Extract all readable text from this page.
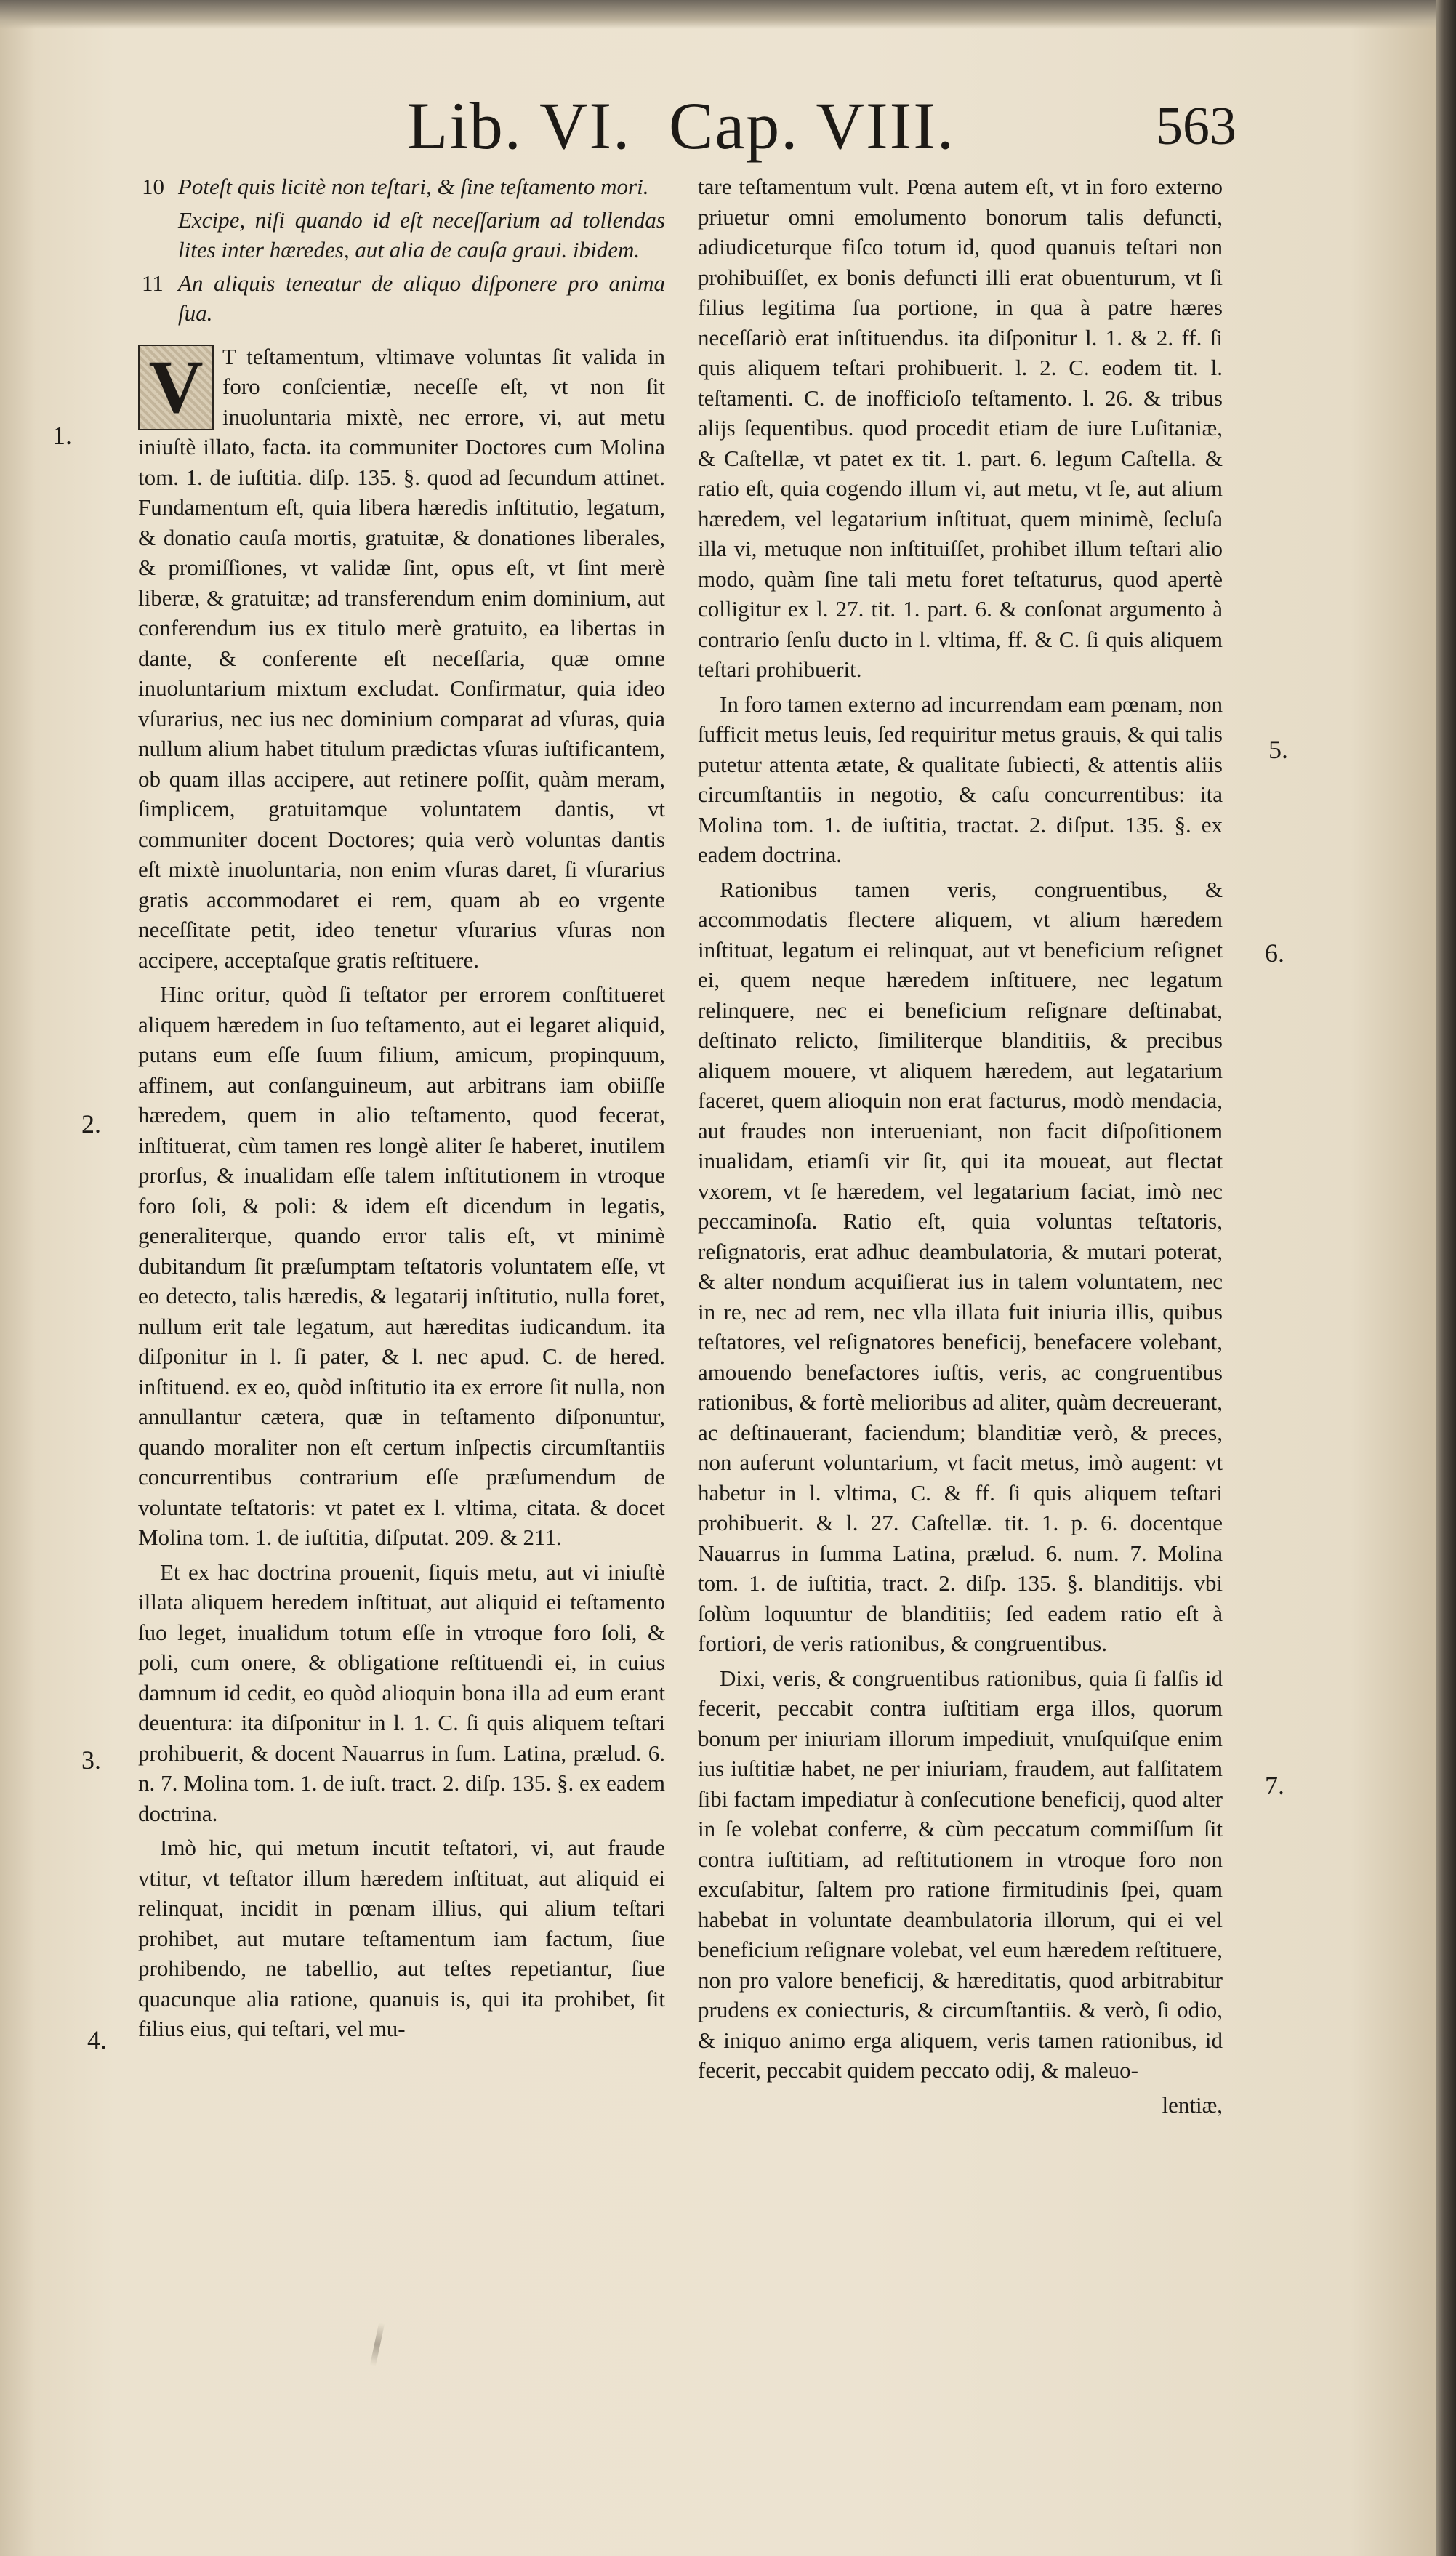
Lib. VI. Cap. VIII.	563

10 Poteſt quis licitè non teſtari, & ſine teſtamento mori.

Excipe, niſi quando id eſt neceſſarium ad tollendas lites inter hæredes, aut alia de cauſa graui. ibidem.

11 An aliquis teneatur de aliquo diſponere pro anima ſua.

V T teſtamentum, vltimave voluntas ſit valida in foro conſcientiæ, neceſſe eſt, vt non ſit inuoluntaria mixtè, nec errore, vi, aut metu iniuſtè illato, facta. ita communiter Doctores cum Molina tom. 1. de iuſtitia. diſp. 135. §. quod ad ſecundum attinet. Fundamentum eſt, quia libera hæredis inſtitutio, legatum, & donatio cauſa mortis, gratuitæ, & donationes liberales, & promiſſiones, vt validæ ſint, opus eſt, vt ſint merè liberæ, & gratuitæ; ad transferendum enim dominium, aut conferendum ius ex titulo merè gratuito, ea libertas in dante, & conferente eſt neceſſaria, quæ omne inuoluntarium mixtum excludat. Confirmatur, quia ideo vſurarius, nec ius nec dominium comparat ad vſuras, quia nullum alium habet titulum prædictas vſuras iuſtificantem, ob quam illas accipere, aut retinere poſſit, quàm meram, ſimplicem, gratuitamque voluntatem dantis, vt communiter docent Doctores; quia verò voluntas dantis eſt mixtè inuoluntaria, non enim vſuras daret, ſi vſurarius gratis accommodaret ei rem, quam ab eo vrgente neceſſitate petit, ideo tenetur vſurarius vſuras non accipere, acceptaſque gratis reſtituere.

Hinc oritur, quòd ſi teſtator per errorem conſtitueret aliquem hæredem in ſuo teſtamento, aut ei legaret aliquid, putans eum eſſe ſuum filium, amicum, propinquum, affinem, aut conſanguineum, aut arbitrans iam obiiſſe hæredem, quem in alio teſtamento, quod fecerat, inſtituerat, cùm tamen res longè aliter ſe haberet, inutilem prorſus, & inualidam eſſe talem inſtitutionem in vtroque foro ſoli, & poli: & idem eſt dicendum in legatis, generaliterque, quando error talis eſt, vt minimè dubitandum ſit præſumptam teſtatoris voluntatem eſſe, vt eo detecto, talis hæredis, & legatarij inſtitutio, nulla foret, nullum erit tale legatum, aut hæreditas iudicandum. ita diſponitur in l. ſi pater, & l. nec apud. C. de hered. inſtituend. ex eo, quòd inſtitutio ita ex errore ſit nulla, non annullantur cætera, quæ in teſtamento diſponuntur, quando moraliter non eſt certum inſpectis circumſtantiis concurrentibus contrarium eſſe præſumendum de voluntate teſtatoris: vt patet ex l. vltima, citata. & docet Molina tom. 1. de iuſtitia, diſputat. 209. & 211.

Et ex hac doctrina prouenit, ſiquis metu, aut vi iniuſtè illata aliquem heredem inſtituat, aut aliquid ei teſtamento ſuo leget, inualidum totum eſſe in vtroque foro ſoli, & poli, cum onere, & obligatione reſtituendi ei, in cuius damnum id cedit, eo quòd alioquin bona illa ad eum erant deuentura: ita diſponitur in l. 1. C. ſi quis aliquem teſtari prohibuerit, & docent Nauarrus in ſum. Latina, prælud. 6. n. 7. Molina tom. 1. de iuſt. tract. 2. diſp. 135. §. ex eadem doctrina.

Imò hic, qui metum incutit teſtatori, vi, aut fraude vtitur, vt teſtator illum hæredem inſtituat, aut aliquid ei relinquat, incidit in pœnam illius, qui alium teſtari prohibet, aut mutare teſtamentum iam factum, ſiue prohibendo, ne tabellio, aut teſtes repetiantur, ſiue quacunque alia ratione, quanuis is, qui ita prohibet, ſit filius eius, qui teſtari, vel mu-

tare teſtamentum vult. Pœna autem eſt, vt in foro externo priuetur omni emolumento bonorum talis defuncti, adiudiceturque fiſco totum id, quod quanuis teſtari non prohibuiſſet, ex bonis defuncti illi erat obuenturum, vt ſi filius legitima ſua portione, in qua à patre hæres neceſſariò erat inſtituendus. ita diſponitur l. 1. & 2. ff. ſi quis aliquem teſtari prohibuerit. l. 2. C. eodem tit. l. teſtamenti. C. de inofficioſo teſtamento. l. 26. & tribus alijs ſequentibus. quod procedit etiam de iure Luſitaniæ, & Caſtellæ, vt patet ex tit. 1. part. 6. legum Caſtella. & ratio eſt, quia cogendo illum vi, aut metu, vt ſe, aut alium hæredem, vel legatarium inſtituat, quem minimè, ſecluſa illa vi, metuque non inſtituiſſet, prohibet illum teſtari alio modo, quàm ſine tali metu foret teſtaturus, quod apertè colligitur ex l. 27. tit. 1. part. 6. & conſonat argumento à contrario ſenſu ducto in l. vltima, ff. & C. ſi quis aliquem teſtari prohibuerit.

In foro tamen externo ad incurrendam eam pœnam, non ſufficit metus leuis, ſed requiritur metus grauis, & qui talis putetur attenta ætate, & qualitate ſubiecti, & attentis aliis circumſtantiis in negotio, & caſu concurrentibus: ita Molina tom. 1. de iuſtitia, tractat. 2. diſput. 135. §. ex eadem doctrina.

Rationibus tamen veris, congruentibus, & accommodatis flectere aliquem, vt alium hæredem inſtituat, legatum ei relinquat, aut vt beneficium reſignet ei, quem neque hæredem inſtituere, nec legatum relinquere, nec ei beneficium reſignare deſtinabat, deſtinato relicto, ſimiliterque blanditiis, & precibus aliquem mouere, vt aliquem hæredem, aut legatarium faceret, quem alioquin non erat facturus, modò mendacia, aut fraudes non interueniant, non facit diſpoſitionem inualidam, etiamſi vir ſit, qui ita moueat, aut flectat vxorem, vt ſe hæredem, vel legatarium faciat, imò nec peccaminoſa. Ratio eſt, quia voluntas teſtatoris, reſignatoris, erat adhuc deambulatoria, & mutari poterat, & alter nondum acquiſierat ius in talem voluntatem, nec in re, nec ad rem, nec vlla illata fuit iniuria illis, quibus teſtatores, vel reſignatores beneficij, benefacere volebant, amouendo benefactores iuſtis, veris, ac congruentibus rationibus, & fortè melioribus ad aliter, quàm decreuerant, ac deſtinauerant, faciendum; blanditiæ verò, & preces, non auferunt voluntarium, vt facit metus, imò augent: vt habetur in l. vltima, C. & ff. ſi quis aliquem teſtari prohibuerit. & l. 27. Caſtellæ. tit. 1. p. 6. docentque Nauarrus in ſumma Latina, prælud. 6. num. 7. Molina tom. 1. de iuſtitia, tract. 2. diſp. 135. §. blanditijs. vbi ſolùm loquuntur de blanditiis; ſed eadem ratio eſt à fortiori, de veris rationibus, & congruentibus.

Dixi, veris, & congruentibus rationibus, quia ſi falſis id fecerit, peccabit contra iuſtitiam erga illos, quorum bonum per iniuriam illorum impediuit, vnuſquiſque enim ius iuſtitiæ habet, ne per iniuriam, fraudem, aut falſitatem ſibi factam impediatur à conſecutione beneficij, quod alter in ſe volebat conferre, & cùm peccatum commiſſum ſit contra iuſtitiam, ad reſtitutionem in vtroque foro non excuſabitur, ſaltem pro ratione firmitudinis ſpei, quam habebat in voluntate deambulatoria illorum, qui ei vel beneficium reſignare volebat, vel eum hæredem reſtituere, non pro valore beneficij, & hæreditatis, quod arbitrabitur prudens ex coniecturis, & circumſtantiis. & verò, ſi odio, & iniquo animo erga aliquem, veris tamen rationibus, id fecerit, peccabit quidem peccato odij, & maleuo-

lentiæ,

1.
2.
3.
4.
5.
6.
7.
